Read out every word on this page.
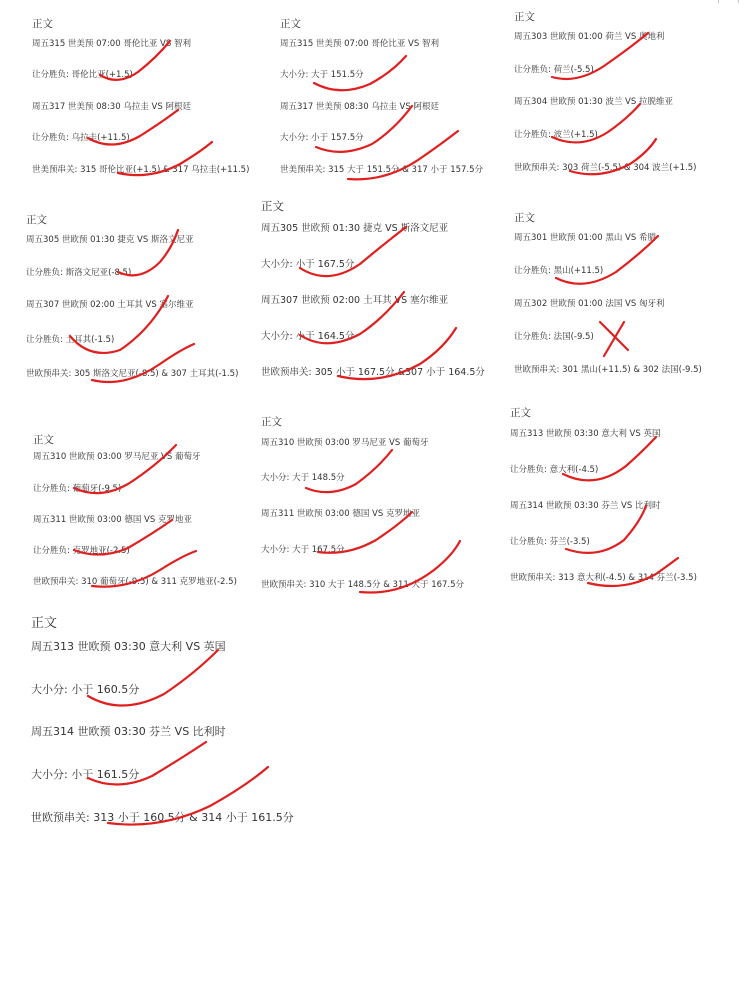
正文
周五315 世美预 07:00 哥伦比亚 VS 智利
让分胜负: 哥伦比亚(+1.5)
周五317 世美预 08:30 乌拉圭 VS 阿根廷
让分胜负: 乌拉圭(+11.5)
世美预串关: 315 哥伦比亚(+1.5) & 317 乌拉圭(+11.5)
正文
周五315 世美预 07:00 哥伦比亚 VS 智利
大小分: 大于 151.5分
周五317 世美预 08:30 乌拉圭 VS 阿根廷
大小分: 小于 157.5分
世美预串关: 315 大于 151.5分 & 317 小于 157.5分
正文
周五303 世欧预 01:00 荷兰 VS 奥地利
让分胜负: 荷兰(-5.5)
周五304 世欧预 01:30 波兰 VS 拉脱维亚
让分胜负: 波兰(+1.5)
世欧预串关: 303 荷兰(-5.5) & 304 波兰(+1.5)
正文
周五305 世欧预 01:30 捷克 VS 斯洛文尼亚
让分胜负: 斯洛文尼亚(-8.5)
周五307 世欧预 02:00 土耳其 VS 塞尔维亚
让分胜负: 土耳其(-1.5)
世欧预串关: 305 斯洛文尼亚(-8.5) & 307 土耳其(-1.5)
正文
周五305 世欧预 01:30 捷克 VS 斯洛文尼亚
大小分: 小于 167.5分
周五307 世欧预 02:00 土耳其 VS 塞尔维亚
大小分: 小于 164.5分
世欧预串关: 305 小于 167.5分 &307 小于 164.5分
正文
周五301 世欧预 01:00 黑山 VS 希腊
让分胜负: 黑山(+11.5)
周五302 世欧预 01:00 法国 VS 匈牙利
让分胜负: 法国(-9.5)
世欧预串关: 301 黑山(+11.5) & 302 法国(-9.5)
正文
周五310 世欧预 03:00 罗马尼亚 VS 葡萄牙
让分胜负: 葡萄牙(-9.5)
周五311 世欧预 03:00 德国 VS 克罗地亚
让分胜负: 克罗地亚(-2.5)
世欧预串关: 310 葡萄牙(-9.5) & 311 克罗地亚(-2.5)
正文
周五310 世欧预 03:00 罗马尼亚 VS 葡萄牙
大小分: 大于 148.5分
周五311 世欧预 03:00 德国 VS 克罗地亚
大小分: 大于 167.5分
世欧预串关: 310 大于 148.5分 & 311 大于 167.5分
正文
周五313 世欧预 03:30 意大利 VS 英国
让分胜负: 意大利(-4.5)
周五314 世欧预 03:30 芬兰 VS 比利时
让分胜负: 芬兰(-3.5)
世欧预串关: 313 意大利(-4.5) & 314 芬兰(-3.5)
正文
周五313 世欧预 03:30 意大利 VS 英国
大小分: 小于 160.5分
周五314 世欧预 03:30 芬兰 VS 比利时
大小分: 小于 161.5分
世欧预串关: 313 小于 160.5分 & 314 小于 161.5分
